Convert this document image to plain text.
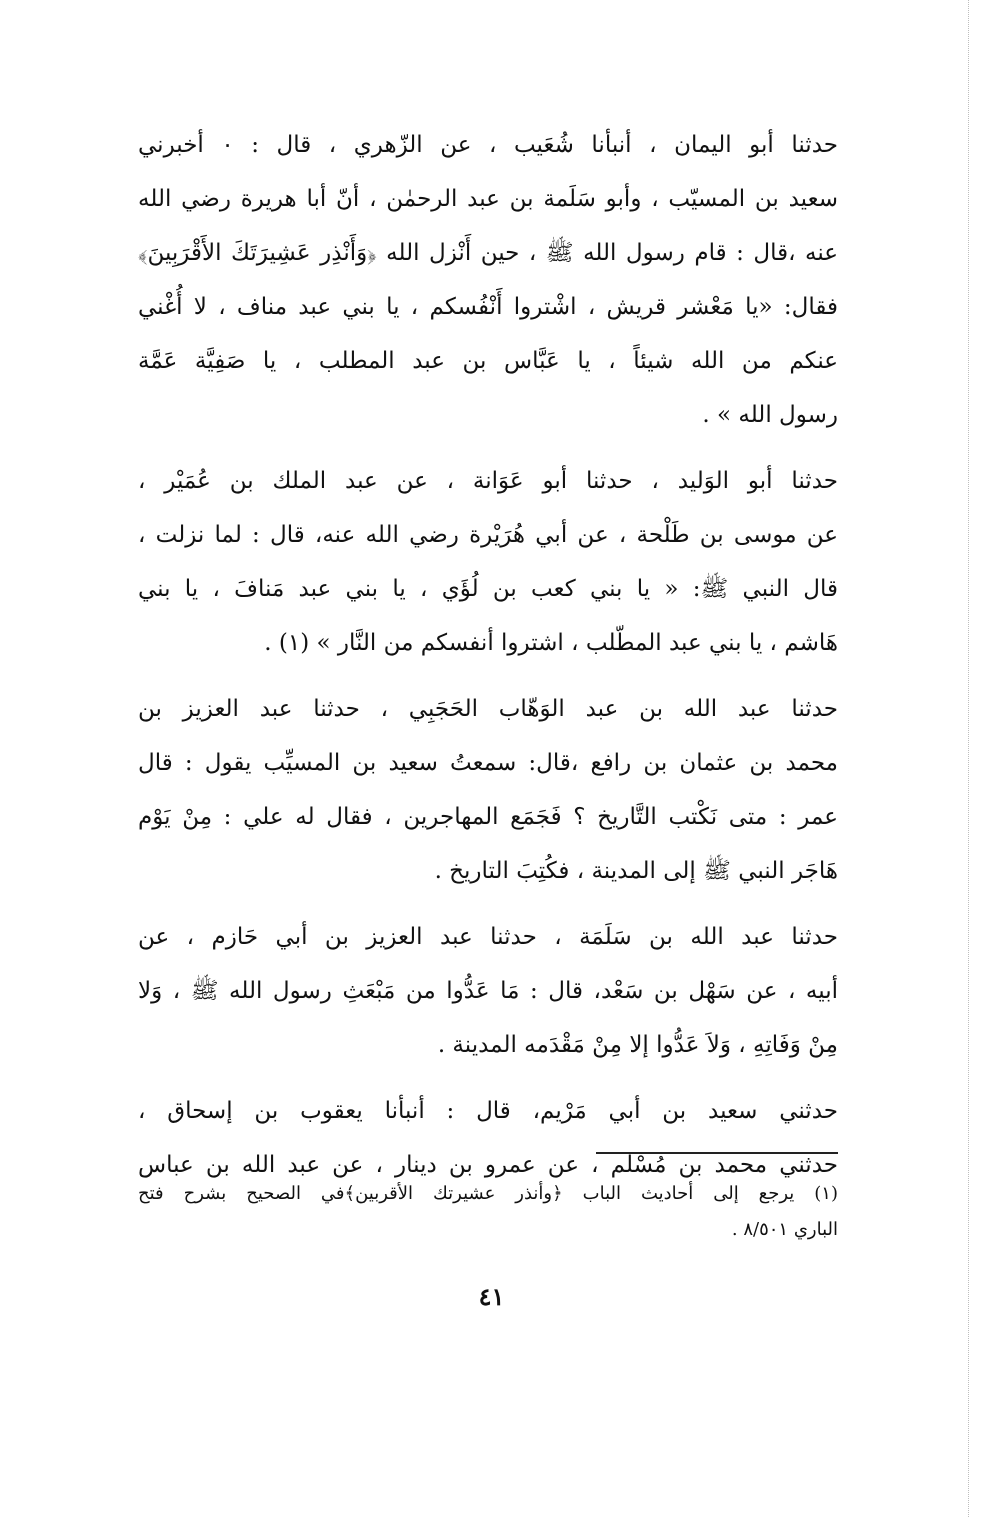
حدثنا أبو اليمان ، أنبأنا شُعَيب ، عن الزّهري ، قال : ٠ أخبرني
سعيد بن المسيّب ، وأبو سَلَمة بن عبد الرحمٰن ، أنّ أبا هريرة رضي الله
عنه ،قال : قام رسول الله ﷺ ، حين أَنْزل الله ﴿وَأَنْذِر عَشِيرَتَكَ الأَقْرَبِينَ﴾
فقال: «يا مَعْشر قريش ، اشْتروا أَنْفُسكم ، يا بني عبد مناف ، لا أُغْني
عنكم من الله شيئاً ، يا عَبَّاس بن عبد المطلب ، يا صَفِيَّة عَمَّة
رسول الله » .
حدثنا أبو الوَليد ، حدثنا أبو عَوَانة ، عن عبد الملك بن عُمَيْر ،
عن موسى بن طَلْحة ، عن أبي هُرَيْرة رضي الله عنه، قال : لما نزلت ،
قال النبي ﷺ: « يا بني كعب بن لُؤَي ، يا بني عبد مَنافَ ، يا بني
هَاشم ، يا بني عبد المطّلب ، اشتروا أنفسكم من النَّار » (١) .
حدثنا عبد الله بن عبد الوَهّاب الحَجَبِي ، حدثنا عبد العزيز بن
محمد بن عثمان بن رافع ،قال: سمعتُ سعيد بن المسيِّب يقول : قال
عمر : متى نَكْتب التَّاريخ ؟ فَجَمَع المهاجرين ، فقال له علي : مِنْ يَوْم
هَاجَر النبي ﷺ إلى المدينة ، فكُتِبَ التاريخ .
حدثنا عبد الله بن سَلَمَة ، حدثنا عبد العزيز بن أبي حَازم ، عن
أبيه ، عن سَهْل بن سَعْد، قال : مَا عَدُّوا من مَبْعَثِ رسول الله ﷺ ، وَلا
مِنْ وَفَاتِهِ ، وَلاَ عَدُّوا إلا مِنْ مَقْدَمه المدينة .
حدثني سعيد بن أبي مَرْيم، قال : أنبأنا يعقوب بن إسحاق ،
حدثني محمد بن مُسْلم ، عن عمرو بن دينار ، عن عبد الله بن عباس
(١) يرجع إلى أحاديث الباب ﴿وأنذر عشيرتك الأقربين﴾في الصحيح بشرح فتح
الباري ٨/٥٠١ .
٤١
